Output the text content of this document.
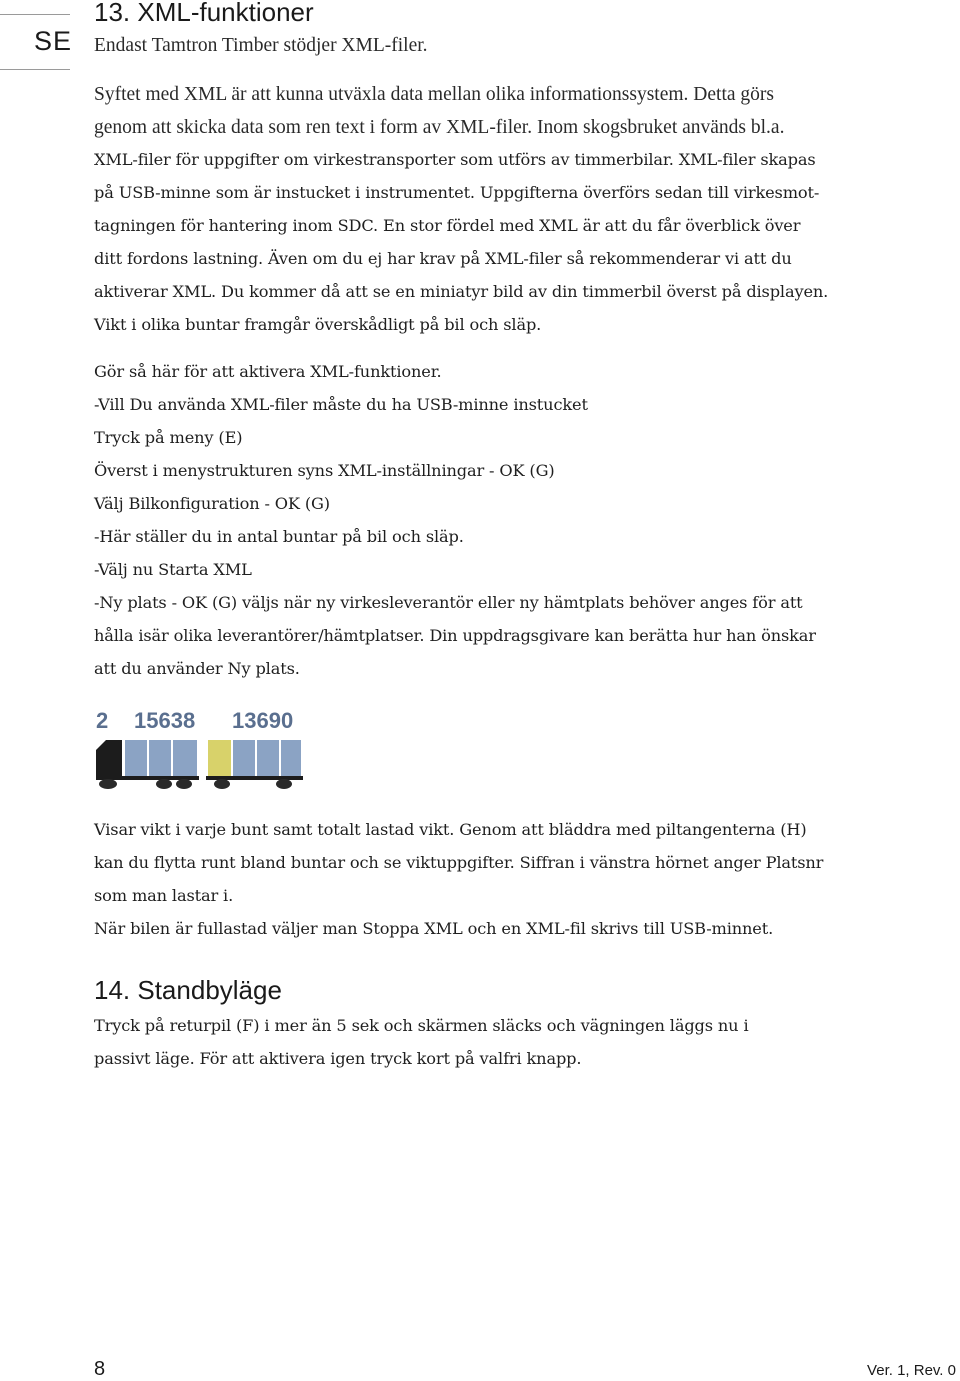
SE
13. XML-funktioner

Endast Tamtron Timber stödjer XML-filer.

Syftet med XML är att kunna utväxla data mellan olika informationssystem. Detta görs
genom att skicka data som ren text i form av XML-filer. Inom skogsbruket används bl.a.
XML-filer för uppgifter om virkestransporter som utförs av timmerbilar. XML-filer skapas
på USB-minne som är instucket i instrumentet. Uppgifterna överförs sedan till virkesmot-
tagningen för hantering inom SDC. En stor fördel med XML är att du får överblick över
ditt fordons lastning. Även om du ej har krav på XML-filer så rekommenderar vi att du
aktiverar XML. Du kommer då att se en miniatyr bild av din timmerbil överst på displayen.
Vikt i olika buntar framgår överskådligt på bil och släp.
Gör så här för att aktivera XML-funktioner.
-Vill Du använda XML-filer måste du ha USB-minne instucket
Tryck på meny (E)
Överst i menystrukturen syns XML-inställningar - OK (G)
Välj Bilkonfiguration - OK (G)
-Här ställer du in antal buntar på bil och släp.
-Välj nu Starta XML
-Ny plats - OK (G) väljs när ny virkesleverantör eller ny hämtplats behöver anges för att
hålla isär olika leverantörer/hämtplatser. Din uppdragsgivare kan berätta hur han önskar
att du använder Ny plats.
Visar vikt i varje bunt samt totalt lastad vikt. Genom att bläddra med piltangenterna (H)
kan du flytta runt bland buntar och se viktuppgifter. Siffran i vänstra hörnet anger Platsnr
som man lastar i.
När bilen är fullastad väljer man Stoppa XML och en XML-fil skrivs till USB-minnet.
14. Standbyläge
Tryck på returpil (F) i mer än 5 sek och skärmen släcks och vägningen läggs nu i
passivt läge. För att aktivera igen tryck kort på valfri knapp.
2 15638 13690
8	Ver. 1, Rev. 0
